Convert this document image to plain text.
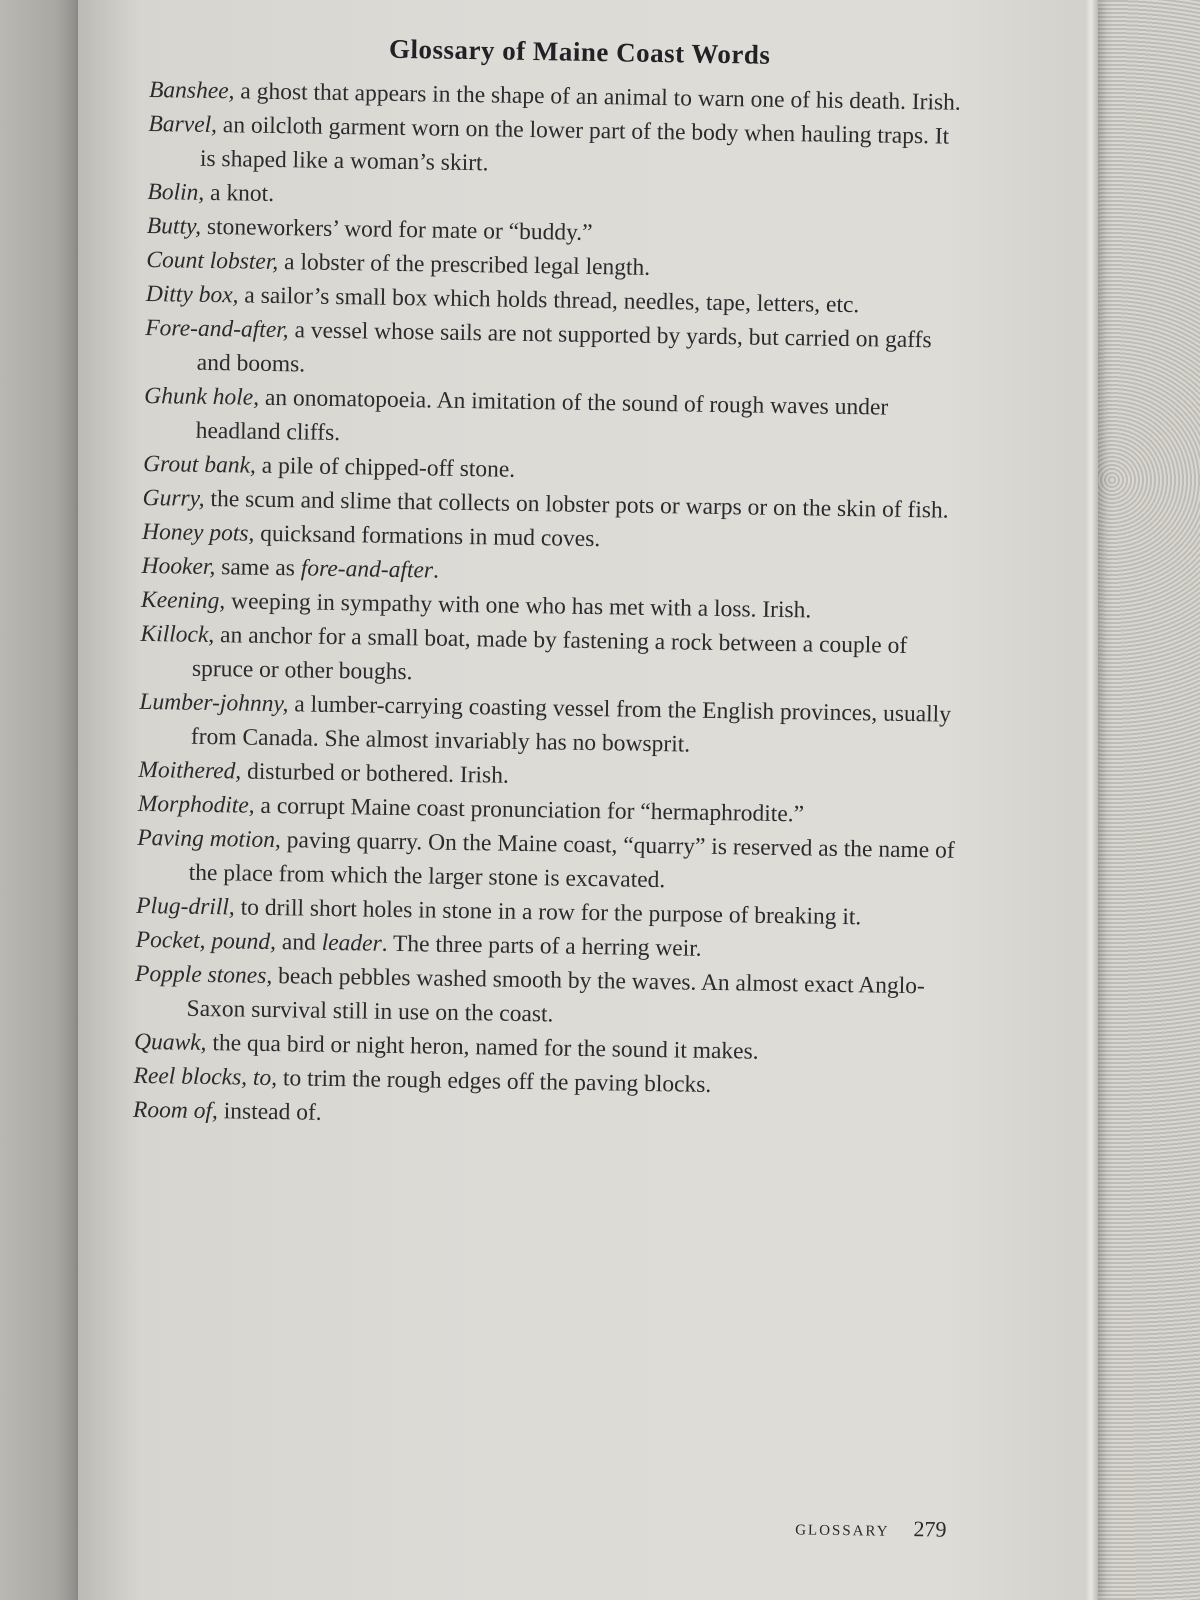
Glossary of Maine Coast Words

Banshee, a ghost that appears in the shape of an animal to warn one of his death. Irish.

Barvel, an oilcloth garment worn on the lower part of the body when hauling traps. It is shaped like a woman’s skirt.

Bolin, a knot.

Butty, stoneworkers’ word for mate or “buddy.”

Count lobster, a lobster of the prescribed legal length.

Ditty box, a sailor’s small box which holds thread, needles, tape, letters, etc.

Fore-and-after, a vessel whose sails are not supported by yards, but carried on gaffs and booms.

Ghunk hole, an onomatopoeia. An imitation of the sound of rough waves under headland cliffs.

Grout bank, a pile of chipped-off stone.

Gurry, the scum and slime that collects on lobster pots or warps or on the skin of fish.

Honey pots, quicksand formations in mud coves.

Hooker, same as fore-and-after.

Keening, weeping in sympathy with one who has met with a loss. Irish.

Killock, an anchor for a small boat, made by fastening a rock between a couple of spruce or other boughs.

Lumber-johnny, a lumber-carrying coasting vessel from the English provinces, usually from Canada. She almost invariably has no bowsprit.

Moithered, disturbed or bothered. Irish.

Morphodite, a corrupt Maine coast pronunciation for “hermaphrodite.”

Paving motion, paving quarry. On the Maine coast, “quarry” is reserved as the name of the place from which the larger stone is excavated.

Plug-drill, to drill short holes in stone in a row for the purpose of breaking it.

Pocket, pound, and leader. The three parts of a herring weir.

Popple stones, beach pebbles washed smooth by the waves. An almost exact Anglo-Saxon survival still in use on the coast.

Quawk, the qua bird or night heron, named for the sound it makes.

Reel blocks, to, to trim the rough edges off the paving blocks.

Room of, instead of.

GLOSSARY 279
